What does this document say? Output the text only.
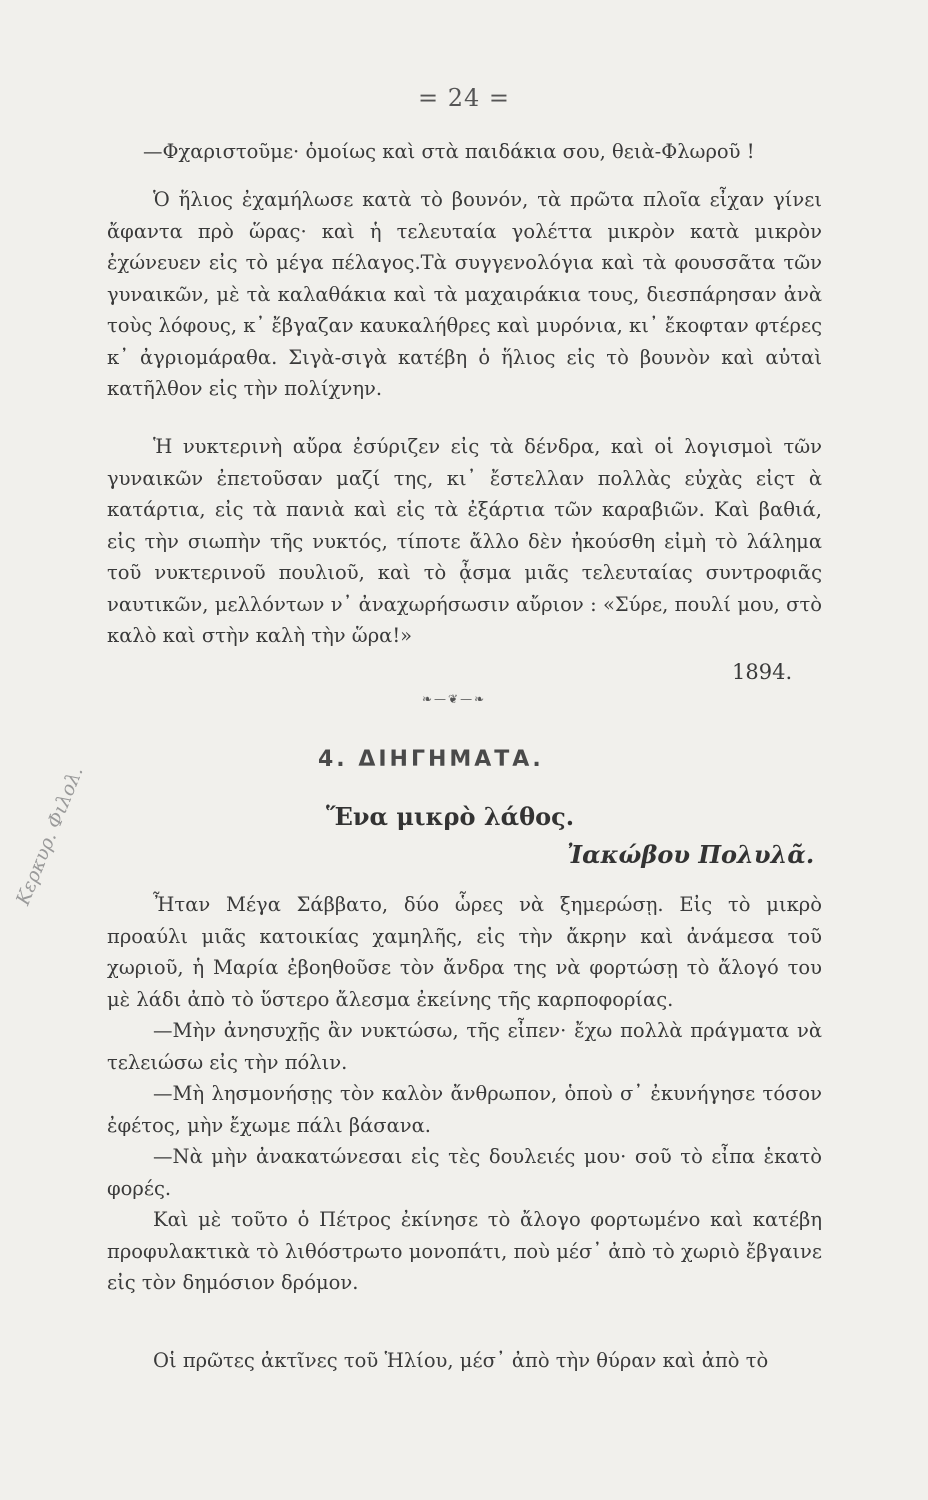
= 24 =
—Φχαριστοῦμε· ὁμοίως καὶ στὰ παιδάκια σου, θειὰ-Φλωροῦ !

Ὁ ἥλιος ἐχαμήλωσε κατὰ τὸ βουνόν, τὰ πρῶτα πλοῖα εἶχαν γίνει ἄφαντα πρὸ ὥρας· καὶ ἡ τελευταία γολέττα μικρὸν κατὰ μικρὸν ἐχώνευεν εἰς τὸ μέγα πέλαγος.Τὰ συγγενολόγια καὶ τὰ φουσσᾶτα τῶν γυναικῶν, μὲ τὰ καλαθάκια καὶ τὰ μαχαιράκια τους, διεσπάρησαν ἀνὰ τοὺς λόφους, κ᾿ ἔβγαζαν καυκαλήθρες καὶ μυρόνια, κι᾿ ἔκοφταν φτέρες κ᾿ ἀγριομάραθα. Σιγὰ-σιγὰ κατέβη ὁ ἥλιος εἰς τὸ βουνὸν καὶ αὐταὶ κατῆλθον εἰς τὴν πολίχνην.

Ἡ νυκτερινὴ αὔρα ἐσύριζεν εἰς τὰ δένδρα, καὶ οἱ λογισμοὶ τῶν γυναικῶν ἐπετοῦσαν μαζί της, κι᾿ ἔστελλαν πολλὰς εὐχὰς εἰςτ ὰ κατάρτια, εἰς τὰ πανιὰ καὶ εἰς τὰ ἐξάρτια τῶν καραβιῶν. Καὶ βαθιά, εἰς τὴν σιωπὴν τῆς νυκτός, τίποτε ἄλλο δὲν ἠκούσθη εἰμὴ τὸ λάλημα τοῦ νυκτερινοῦ πουλιοῦ, καὶ τὸ ᾆσμα μιᾶς τελευταίας συντροφιᾶς ναυτικῶν, μελλόντων ν᾿ ἀναχωρήσωσιν αὔριον : «Σύρε, πουλί μου, στὸ καλὸ καὶ στὴν καλὴ τὴν ὥρα!»

1894.
❧—❦—❧
4. ΔΙΗΓΗΜΑΤΑ.
Ἕνα μικρὸ λάθος.
Ἰακώβου Πολυλᾶ.

Ἦταν Μέγα Σάββατο, δύο ὧρες νὰ ξημερώσῃ. Εἰς τὸ μικρὸ προαύλι μιᾶς κατοικίας χαμηλῆς, εἰς τὴν ἄκρην καὶ ἀνάμεσα τοῦ χωριοῦ, ἡ Μαρία ἐβοηθοῦσε τὸν ἄνδρα της νὰ φορτώσῃ τὸ ἄλογό του μὲ λάδι ἀπὸ τὸ ὕστερο ἄλεσμα ἐκείνης τῆς καρποφορίας.

—Μὴν ἀνησυχῇς ἂν νυκτώσω, τῆς εἶπεν· ἔχω πολλὰ πράγματα νὰ τελειώσω εἰς τὴν πόλιν.

—Μὴ λησμονήσῃς τὸν καλὸν ἄνθρωπον, ὁποὺ σ᾿ ἐκυνήγησε τόσον ἐφέτος, μὴν ἔχωμε πάλι βάσανα.

—Νὰ μὴν ἀνακατώνεσαι εἰς τὲς δουλειές μου· σοῦ τὸ εἶπα ἑκατὸ φορές.

Καὶ μὲ τοῦτο ὁ Πέτρος ἐκίνησε τὸ ἄλογο φορτωμένο καὶ κατέβη προφυλακτικὰ τὸ λιθόστρωτο μονοπάτι, ποὺ μέσ᾿ ἀπὸ τὸ χωριὸ ἔβγαινε εἰς τὸν δημόσιον δρόμον.

Οἱ πρῶτες ἀκτῖνες τοῦ Ἡλίου, μέσ᾿ ἀπὸ τὴν θύραν καὶ ἀπὸ τὸ

Κερκυρ. Φιλολ.
